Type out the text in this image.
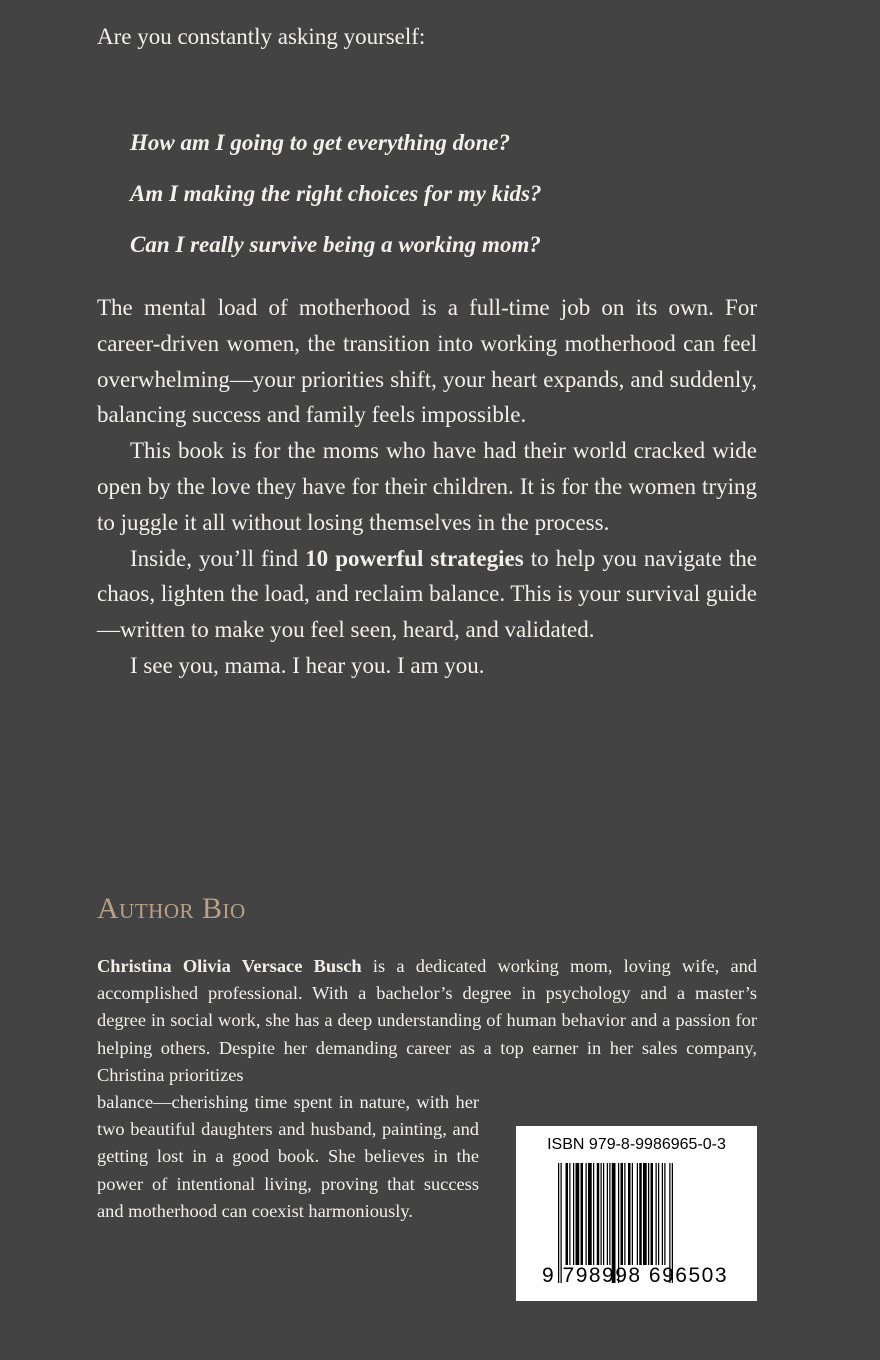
Are you constantly asking yourself:

How am I going to get everything done?

Am I making the right choices for my kids?

Can I really survive being a working mom?

The mental load of motherhood is a full-time job on its own. For career-driven women, the transition into working motherhood can feel overwhelming—your priorities shift, your heart expands, and suddenly, balancing success and family feels impossible.

This book is for the moms who have had their world cracked wide open by the love they have for their children. It is for the women trying to juggle it all without losing themselves in the process.

Inside, you’ll find 10 powerful strategies to help you navigate the chaos, lighten the load, and reclaim balance. This is your survival guide—written to make you feel seen, heard, and validated.

I see you, mama. I hear you. I am you.

Author Bio

Christina Olivia Versace Busch is a dedicated working mom, loving wife, and accomplished professional. With a bachelor’s degree in psychology and a master’s degree in social work, she has a deep understanding of human behavior and a passion for helping others. Despite her demanding career as a top earner in her sales company, Christina prioritizes

balance—cherishing time spent in nature, with her two beautiful daughters and husband, painting, and getting lost in a good book. She believes in the power of intentional living, proving that success and motherhood can coexist harmoniously.

ISBN 979-8-9986965-0-3
9 798998 696503
